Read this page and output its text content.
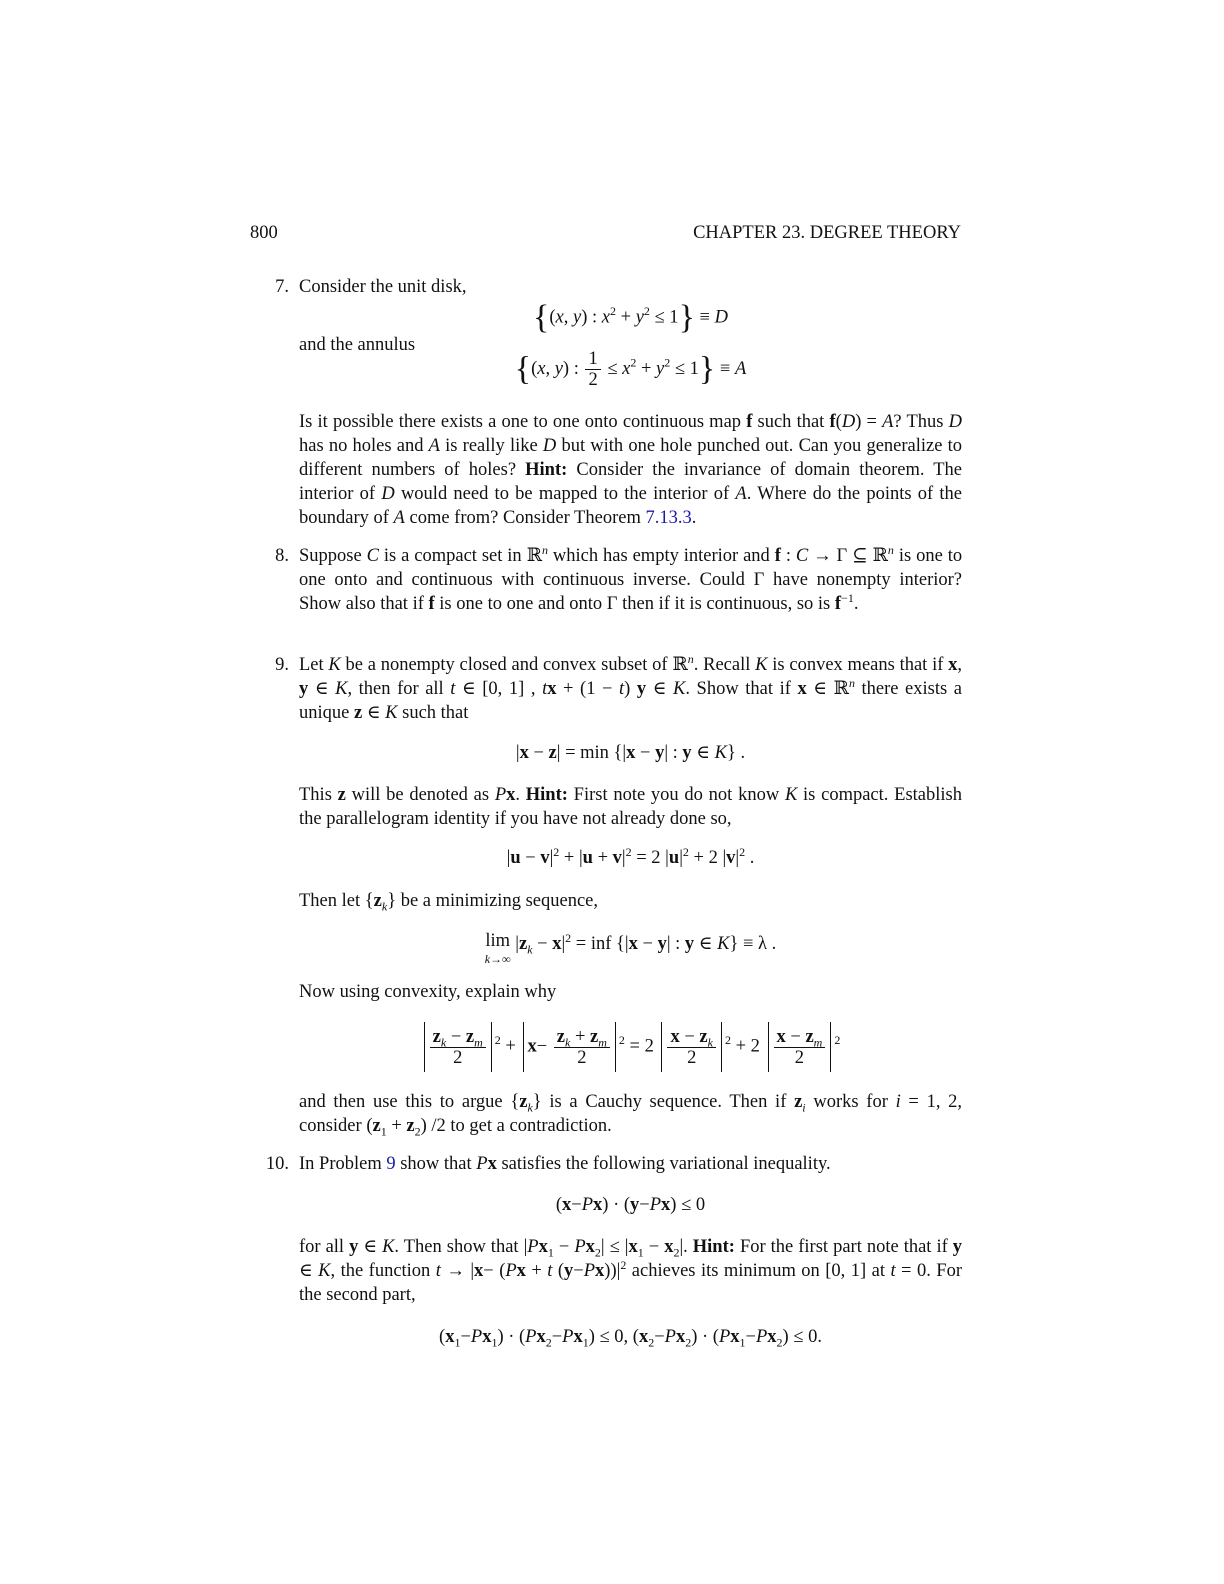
800	CHAPTER 23. DEGREE THEORY
7. Consider the unit disk,

{(x, y) : $x^2 + y^2 \le 1\} \equiv D$

and the annulus

{(x, y) : $\frac{1}{2} \le x^2 + y^2 \le 1\} \equiv A$

Is it possible there exists a one to one onto continuous map f such that f(D) = A? Thus D has no holes and A is really like D but with one hole punched out. Can you generalize to different numbers of holes? Hint: Consider the invariance of domain theorem. The interior of D would need to be mapped to the interior of A. Where do the points of the boundary of A come from? Consider Theorem 7.13.3.

8. Suppose C is a compact set in ℝ$^n$ which has empty interior and f : C → Γ ⊆ ℝ$^n$ is one to one onto and continuous with continuous inverse. Could Γ have nonempty interior? Show also that if f is one to one and onto Γ then if it is continuous, so is $f^{-1}$.

9. Let K be a nonempty closed and convex subset of ℝ$^n$. Recall K is convex means that if x, y ∈ K, then for all t ∈ [0, 1] , tx + (1 − t) y ∈ K. Show that if x ∈ ℝ$^n$ there exists a unique z ∈ K such that

|x − z| = min {|x − y| : y ∈ K} .

This z will be denoted as Px. Hint: First note you do not know K is compact. Establish the parallelogram identity if you have not already done so,

$|u - v|^2 + |u + v|^2 = 2$ $|u|^2 + 2$ $|v|^2$ .

Then let $\{z_k\}$ be a minimizing sequence,

lim
k→∞
$|z_k - x|^2$ = inf {|x − y| : y ∈ K} ≡ λ .

Now using convexity, explain why

$\frac{z_k - z_m}{2} ^2 + x- \frac{z_k + z_m}{2} ^2 = 2 \frac{x - z_k}{2} ^2 + 2 \frac{x - z_m}{2} ^2$

and then use this to argue $\{z_k\}$ is a Cauchy sequence. Then if $z_i$ works for i = 1, 2, consider $(z_1 + z_2)$ /2 to get a contradiction.

10. In Problem 9 show that Px satisfies the following variational inequality.

(x−Px) · (y−Px) ≤ 0

for all y ∈ K. Then show that $|Px_1 - Px_2| \le |x_1 - x_2|$. Hint: For the first part note that if y ∈ K, the function t → |x− (Px + t $(y-Px))|^2$ achieves its minimum on [0, 1] at t = 0. For the second part,

$(x_1-Px_1) \cdot (Px_2-Px_1) \le 0$, $(x_2-Px_2) \cdot (Px_1-Px_2) \le 0$.
